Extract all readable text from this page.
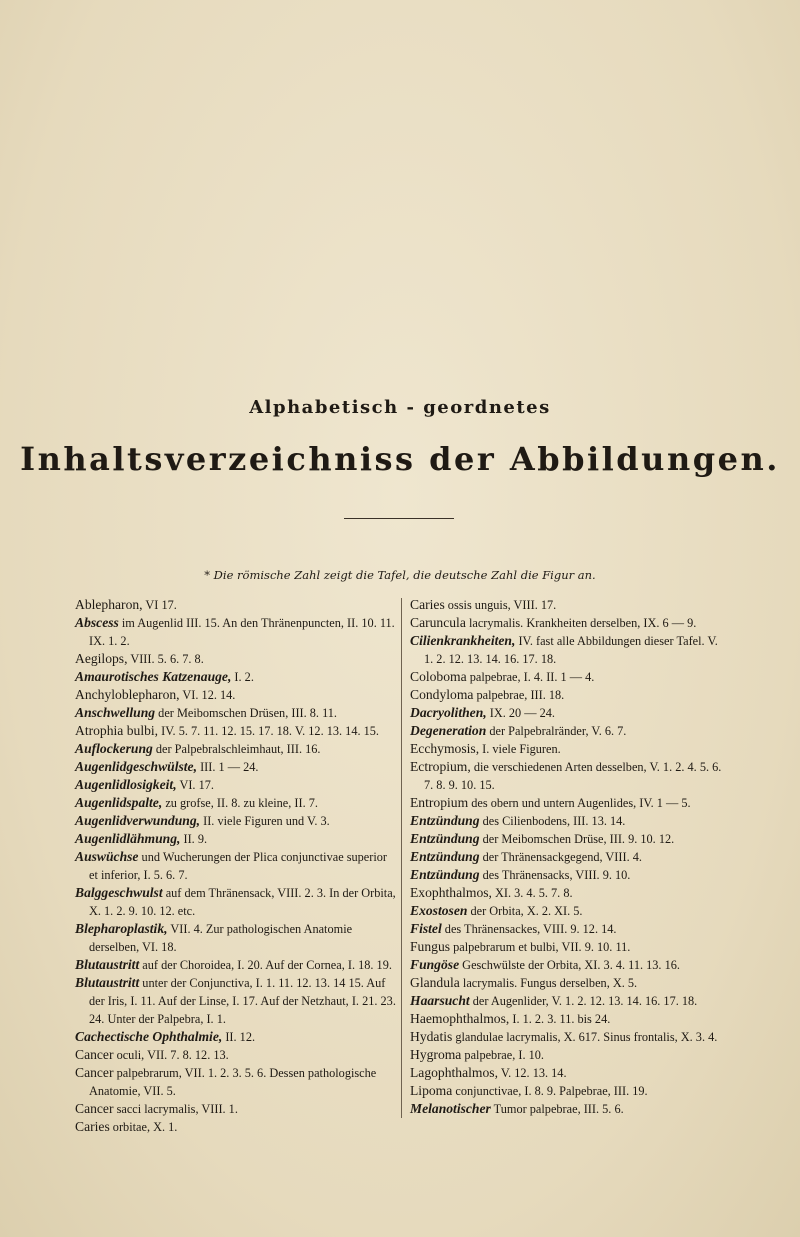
Alphabetisch - geordnetes
Inhaltsverzeichniss der Abbildungen.
* Die römische Zahl zeigt die Tafel, die deutsche Zahl die Figur an.

Ablepharon, VI 17.

Abscess im Augenlid III. 15. An den Thränenpuncten, II. 10. 11. IX. 1. 2.

Aegilops, VIII. 5. 6. 7. 8.

Amaurotisches Katzenauge, I. 2.

Anchyloblepharon, VI. 12. 14.

Anschwellung der Meibomschen Drüsen, III. 8. 11.

Atrophia bulbi, IV. 5. 7. 11. 12. 15. 17. 18. V. 12. 13. 14. 15.

Auflockerung der Palpebralschleimhaut, III. 16.

Augenlidgeschwülste, III. 1 — 24.

Augenlidlosigkeit, VI. 17.

Augenlidspalte, zu grofse, II. 8. zu kleine, II. 7.

Augenlidverwundung, II. viele Figuren und V. 3.

Augenlidlähmung, II. 9.

Auswüchse und Wucherungen der Plica conjunctivae superior et inferior, I. 5. 6. 7.

Balggeschwulst auf dem Thränensack, VIII. 2. 3. In der Orbita, X. 1. 2. 9. 10. 12. etc.

Blepharoplastik, VII. 4. Zur pathologischen Anatomie derselben, VI. 18.

Blutaustritt auf der Choroidea, I. 20. Auf der Cornea, I. 18. 19.

Blutaustritt unter der Conjunctiva, I. 1. 11. 12. 13. 14 15. Auf der Iris, I. 11. Auf der Linse, I. 17. Auf der Netzhaut, I. 21. 23. 24. Unter der Palpebra, I. 1.

Cachectische Ophthalmie, II. 12.

Cancer oculi, VII. 7. 8. 12. 13.

Cancer palpebrarum, VII. 1. 2. 3. 5. 6. Dessen pathologische Anatomie, VII. 5.

Cancer sacci lacrymalis, VIII. 1.

Caries orbitae, X. 1.

Caries ossis unguis, VIII. 17.

Caruncula lacrymalis. Krankheiten derselben, IX. 6 — 9.

Cilienkrankheiten, IV. fast alle Abbildungen dieser Tafel. V. 1. 2. 12. 13. 14. 16. 17. 18.

Coloboma palpebrae, I. 4. II. 1 — 4.

Condyloma palpebrae, III. 18.

Dacryolithen, IX. 20 — 24.

Degeneration der Palpebralränder, V. 6. 7.

Ecchymosis, I. viele Figuren.

Ectropium, die verschiedenen Arten desselben, V. 1. 2. 4. 5. 6. 7. 8. 9. 10. 15.

Entropium des obern und untern Augenlides, IV. 1 — 5.

Entzündung des Cilienbodens, III. 13. 14.

Entzündung der Meibomschen Drüse, III. 9. 10. 12.

Entzündung der Thränensackgegend, VIII. 4.

Entzündung des Thränensacks, VIII. 9. 10.

Exophthalmos, XI. 3. 4. 5. 7. 8.

Exostosen der Orbita, X. 2. XI. 5.

Fistel des Thränensackes, VIII. 9. 12. 14.

Fungus palpebrarum et bulbi, VII. 9. 10. 11.

Fungöse Geschwülste der Orbita, XI. 3. 4. 11. 13. 16.

Glandula lacrymalis. Fungus derselben, X. 5.

Haarsucht der Augenlider, V. 1. 2. 12. 13. 14. 16. 17. 18.

Haemophthalmos, I. 1. 2. 3. 11. bis 24.

Hydatis glandulae lacrymalis, X. 617. Sinus frontalis, X. 3. 4.

Hygroma palpebrae, I. 10.

Lagophthalmos, V. 12. 13. 14.

Lipoma conjunctivae, I. 8. 9. Palpebrae, III. 19.

Melanotischer Tumor palpebrae, III. 5. 6.
